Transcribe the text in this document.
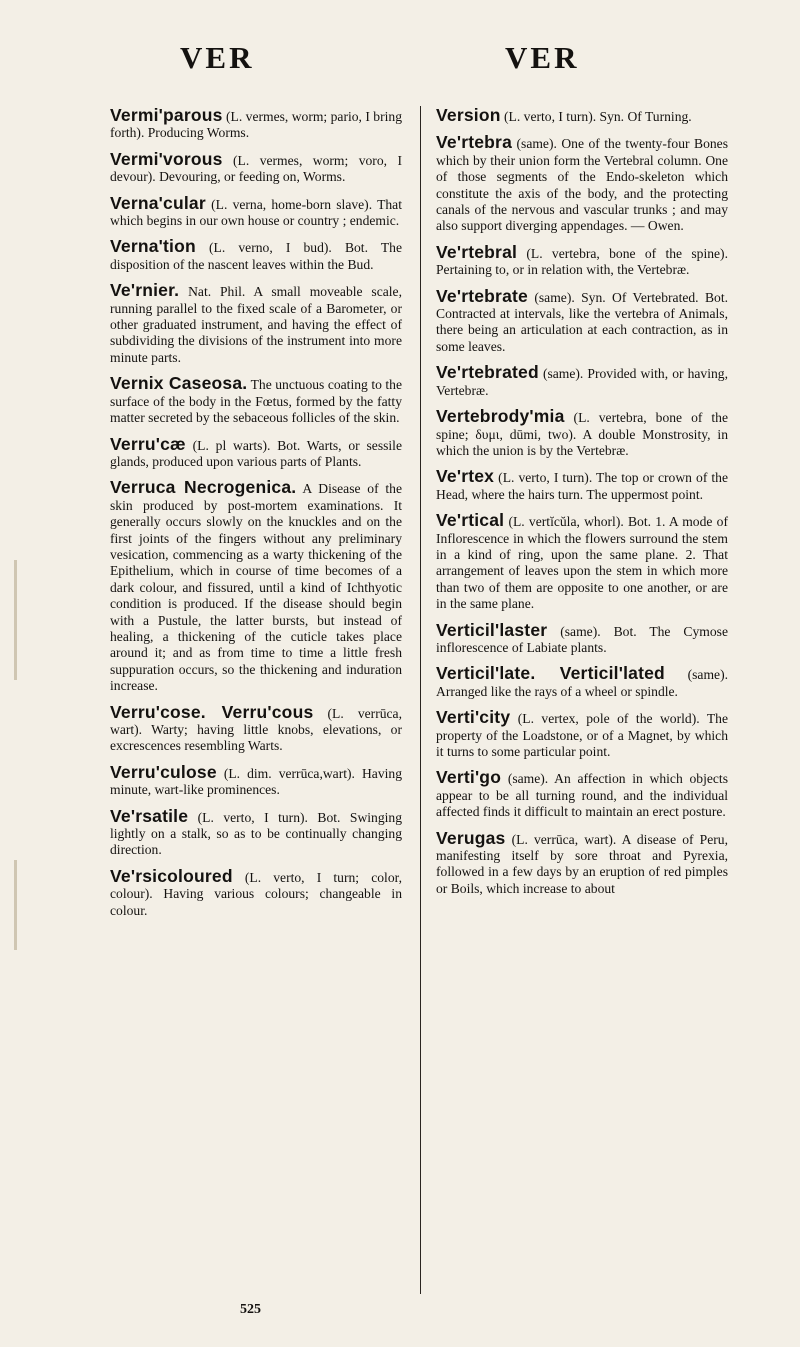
VER	VER

Vermi'parous (L. vermes, worm; pario, I bring forth). Producing Worms.

Vermi'vorous (L. vermes, worm; voro, I devour). Devouring, or feeding on, Worms.

Verna'cular (L. verna, home-born slave). That which begins in our own house or country ; endemic.

Verna'tion (L. verno, I bud). Bot. The disposition of the nascent leaves within the Bud.

Ve'rnier. Nat. Phil. A small moveable scale, running parallel to the fixed scale of a Barometer, or other graduated instrument, and having the effect of subdividing the divisions of the instrument into more minute parts.

Vernix Caseosa. The unctuous coating to the surface of the body in the Fœtus, formed by the fatty matter secreted by the sebaceous follicles of the skin.

Verru'cæ (L. pl warts). Bot. Warts, or sessile glands, produced upon various parts of Plants.

Verruca Necrogenica. A Disease of the skin produced by post-mortem examinations. It generally occurs slowly on the knuckles and on the first joints of the fingers without any preliminary vesication, commencing as a warty thickening of the Epithelium, which in course of time becomes of a dark colour, and fissured, until a kind of Ichthyotic condition is produced. If the disease should begin with a Pustule, the latter bursts, but instead of healing, a thickening of the cuticle takes place around it; and as from time to time a little fresh suppuration occurs, so the thickening and induration increase.

Verru'cose. Verru'cous (L. verrūca, wart). Warty; having little knobs, elevations, or excrescences resembling Warts.

Verru'culose (L. dim. verrūca,wart). Having minute, wart-like prominences.

Ve'rsatile (L. verto, I turn). Bot. Swinging lightly on a stalk, so as to be continually changing direction.

Ve'rsicoloured (L. verto, I turn; color, colour). Having various colours; changeable in colour.

Version (L. verto, I turn). Syn. Of Turning.

Ve'rtebra (same). One of the twenty-four Bones which by their union form the Vertebral column. One of those segments of the Endo-skeleton which constitute the axis of the body, and the protecting canals of the nervous and vascular trunks ; and may also support diverging appendages. — Owen.

Ve'rtebral (L. vertebra, bone of the spine). Pertaining to, or in relation with, the Vertebræ.

Ve'rtebrate (same). Syn. Of Vertebrated. Bot. Contracted at intervals, like the vertebra of Animals, there being an articulation at each contraction, as in some leaves.

Ve'rtebrated (same). Provided with, or having, Vertebræ.

Vertebrody'mia (L. vertebra, bone of the spine; δυμι, dūmi, two). A double Monstrosity, in which the union is by the Vertebræ.

Ve'rtex (L. verto, I turn). The top or crown of the Head, where the hairs turn. The uppermost point.

Ve'rtical (L. vertĭcŭla, whorl). Bot. 1. A mode of Inflorescence in which the flowers surround the stem in a kind of ring, upon the same plane. 2. That arrangement of leaves upon the stem in which more than two of them are opposite to one another, or are in the same plane.

Verticil'laster (same). Bot. The Cymose inflorescence of Labiate plants.

Verticil'late. Verticil'lated (same). Arranged like the rays of a wheel or spindle.

Verti'city (L. vertex, pole of the world). The property of the Loadstone, or of a Magnet, by which it turns to some particular point.

Verti'go (same). An affection in which objects appear to be all turning round, and the individual affected finds it difficult to maintain an erect posture.

Verugas (L. verrūca, wart). A disease of Peru, manifesting itself by sore throat and Pyrexia, followed in a few days by an eruption of red pimples or Boils, which increase to about

525
